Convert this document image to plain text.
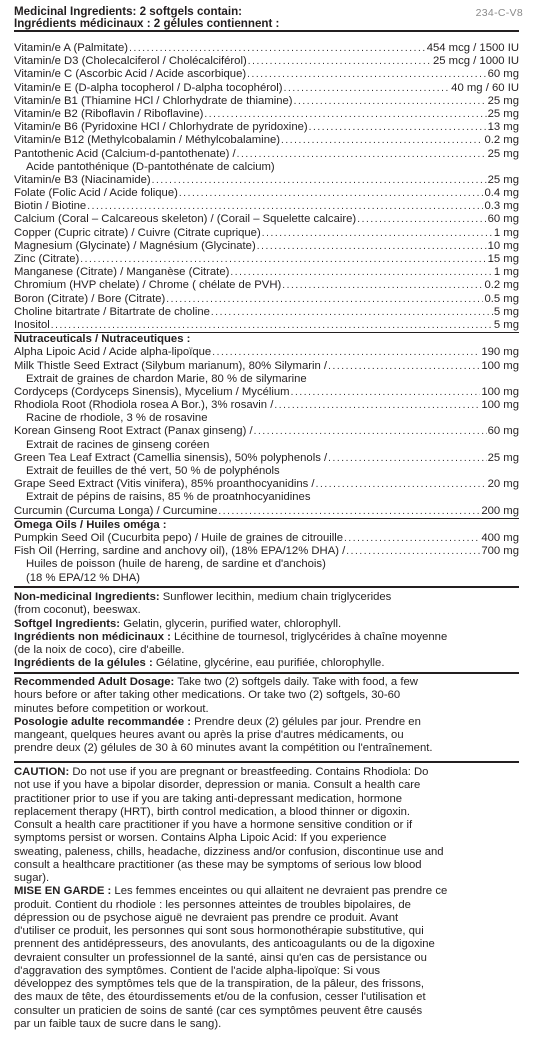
234-C-V8
Medicinal Ingredients: 2 softgels contain:
Ingrédients médicinaux : 2 gélules contiennent :
Vitamin/e A (Palmitate) .....	454 mcg / 1500 IU
Vitamin/e D3 (Cholecalciferol / Cholécalciférol) .....	25 mcg / 1000 IU
Vitamin/e C (Ascorbic Acid / Acide ascorbique) .....	60 mg
Vitamin/e E (D-alpha tocopherol / D-alpha tocophérol) .....	40 mg / 60 IU
Vitamin/e B1 (Thiamine HCl / Chlorhydrate de thiamine) .....	25 mg
Vitamin/e B2 (Riboflavin / Riboflavine) .....	25 mg
Vitamin/e B6 (Pyridoxine HCl / Chlorhydrate de pyridoxine) .....	13 mg
Vitamin/e B12 (Methylcobalamin / Méthylcobalamine) .....	0.2 mg
Pantothenic Acid (Calcium-d-pantothenate) / .....	25 mg
Acide pantothénique (D-pantothénate de calcium)
Vitamin/e B3 (Niacinamide) .....	25 mg
Folate (Folic Acid / Acide folique) .....	0.4 mg
Biotin / Biotine .....	0.3 mg
Calcium (Coral – Calcareous skeleton) / (Corail – Squelette calcaire) .....	60 mg
Copper (Cupric citrate) / Cuivre (Citrate cuprique) .....	1 mg
Magnesium (Glycinate) / Magnésium (Glycinate) .....	10 mg
Zinc (Citrate) .....	15 mg
Manganese (Citrate) / Manganèse (Citrate) .....	1 mg
Chromium (HVP chelate) / Chrome ( chélate de PVH) .....	0.2 mg
Boron (Citrate) / Bore (Citrate) .....	0.5 mg
Choline bitartrate / Bitartrate de choline .....	5 mg
Inositol .....	5 mg
Nutraceuticals / Nutraceutiques :
Alpha Lipoic Acid / Acide alpha-lipoïque .....	190 mg
Milk Thistle Seed Extract (Silybum marianum), 80% Silymarin / .....	100 mg
Extrait de graines de chardon Marie, 80 % de silymarine
Cordyceps (Cordyceps Sinensis), Mycelium / Mycélium .....	100 mg
Rhodiola Root (Rhodiola rosea A Bor.), 3% rosavin / .....	100 mg
Racine de rhodiole, 3 % de rosavine
Korean Ginseng Root Extract (Panax ginseng) / .....	60 mg
Extrait de racines de ginseng coréen
Green Tea Leaf Extract (Camellia sinensis), 50% polyphenols / .....	25 mg
Extrait de feuilles de thé vert, 50 % de polyphénols
Grape Seed Extract (Vitis vinifera), 85% proanthocyanidins / .....	20 mg
Extrait de pépins de raisins, 85 % de proatnhocyanidines
Curcumin (Curcuma Longa) / Curcumine .....	200 mg
Omega Oils / Huiles oméga :
Pumpkin Seed Oil (Cucurbita pepo) / Huile de graines de citrouille .....	400 mg
Fish Oil (Herring, sardine and anchovy oil), (18% EPA/12% DHA) / .....	700 mg
Huiles de poisson (huile de hareng, de sardine et d'anchois)
(18 % EPA/12 % DHA)
Non-medicinal Ingredients: Sunflower lecithin, medium chain triglycerides
(from coconut), beeswax.
Softgel Ingredients: Gelatin, glycerin, purified water, chlorophyll.
Ingrédients non médicinaux : Lécithine de tournesol, triglycérides à chaîne moyenne
(de la noix de coco), cire d'abeille.
Ingrédients de la gélules : Gélatine, glycérine, eau purifiée, chlorophylle.
Recommended Adult Dosage: Take two (2) softgels daily. Take with food, a few
hours before or after taking other medications. Or take two (2) softgels, 30-60
minutes before competition or workout.
Posologie adulte recommandée : Prendre deux (2) gélules par jour. Prendre en
mangeant, quelques heures avant ou après la prise d'autres médicaments, ou
prendre deux (2) gélules de 30 à 60 minutes avant la compétition ou l'entraînement.
CAUTION: Do not use if you are pregnant or breastfeeding. Contains Rhodiola: Do
not use if you have a bipolar disorder, depression or mania. Consult a health care
practitioner prior to use if you are taking anti-depressant medication, hormone
replacement therapy (HRT), birth control medication, a blood thinner or digoxin.
Consult a health care practitioner if you have a hormone sensitive condition or if
symptoms persist or worsen. Contains Alpha Lipoic Acid: If you experience
sweating, paleness, chills, headache, dizziness and/or confusion, discontinue use and
consult a healthcare practitioner (as these may be symptoms of serious low blood
sugar).
MISE EN GARDE : Les femmes enceintes ou qui allaitent ne devraient pas prendre ce
produit. Contient du rhodiole : les personnes atteintes de troubles bipolaires, de
dépression ou de psychose aiguë ne devraient pas prendre ce produit. Avant
d'utiliser ce produit, les personnes qui sont sous hormonothérapie substitutive, qui
prennent des antidépresseurs, des anovulants, des anticoagulants ou de la digoxine
devraient consulter un professionnel de la santé, ainsi qu'en cas de persistance ou
d'aggravation des symptômes. Contient de l'acide alpha-lipoïque: Si vous
développez des symptômes tels que de la transpiration, de la pâleur, des frissons,
des maux de tête, des étourdissements et/ou de la confusion, cesser l'utilisation et
consulter un praticien de soins de santé (car ces symptômes peuvent être causés
par un faible taux de sucre dans le sang).
